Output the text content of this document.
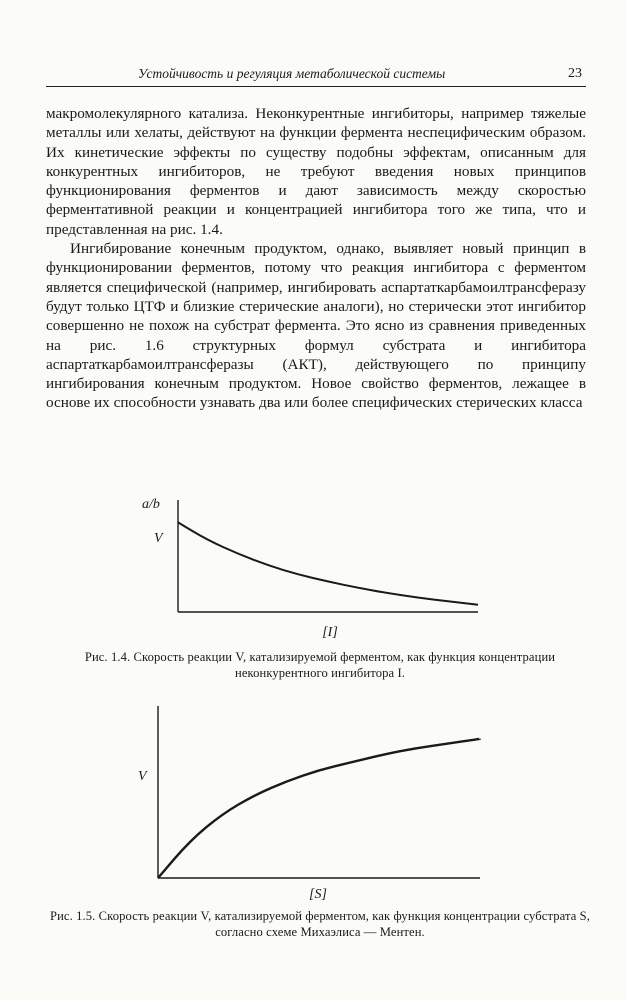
Устойчивость и регуляция метаболической системы	23

макромолекулярного катализа. Неконкурентные ингибиторы, например тяжелые металлы или хелаты, действуют на функции фермента неспецифическим образом. Их кинетические эффекты по существу подобны эффектам, описанным для конкурентных ингибиторов, не требуют введения новых принципов функционирования ферментов и дают зависимость между скоростью ферментативной реакции и концентрацией ингибитора того же типа, что и представленная на рис. 1.4.

Ингибирование конечным продуктом, однако, выявляет новый принцип в функционировании ферментов, потому что реакция ингибитора с ферментом является специфической (например, ингибировать аспартаткарбамоилтрансферазу будут только ЦТФ и близкие стерические аналоги), но стерически этот ингибитор совершенно не похож на субстрат фермента. Это ясно из сравнения приведенных на рис. 1.6 структурных формул субстрата и ингибитора аспартаткарбамоилтрансферазы (АКТ), действующего по принципу ингибирования конечным продуктом. Новое свойство ферментов, лежащее в основе их способности узнавать два или более специфических стерических класса

a/b
V
[I]
Рис. 1.4. Скорость реакции V, катализируемой ферментом, как функция концентрации неконкурентного ингибитора I.
V
[S]
Рис. 1.5. Скорость реакции V, катализируемой ферментом, как функция концентрации субстрата S, согласно схеме Михаэлиса — Ментен.
